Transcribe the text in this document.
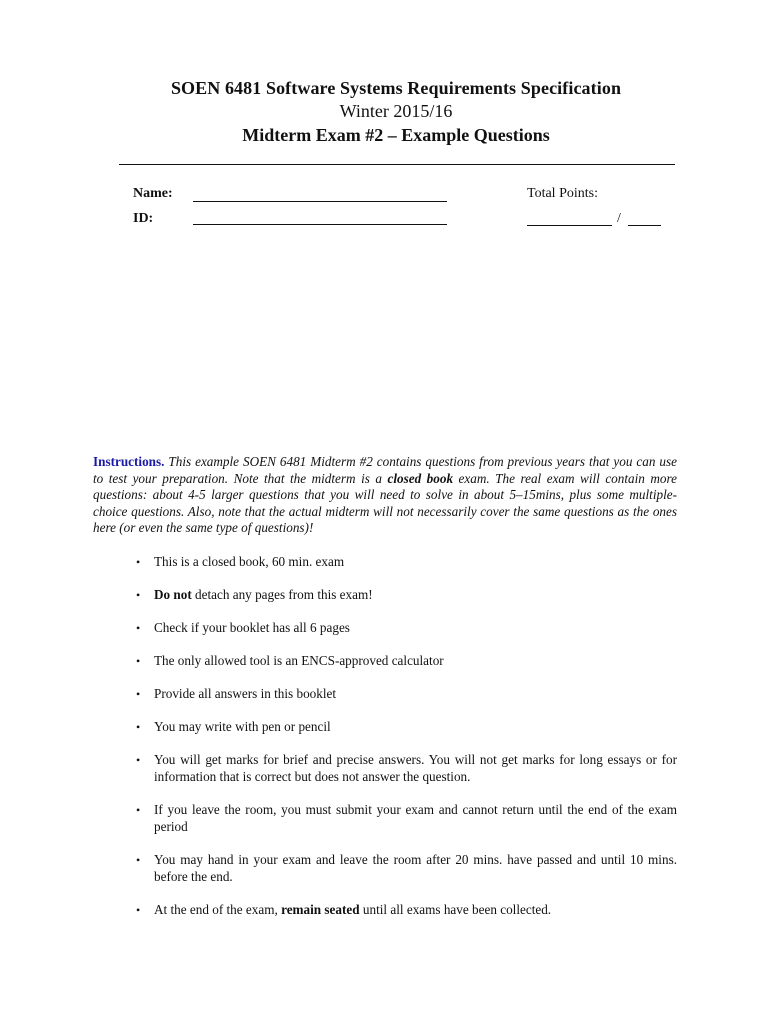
SOEN 6481 Software Systems Requirements Specification
Winter 2015/16
Midterm Exam #2 – Example Questions
Name:
ID:
Total Points:
/
Instructions. This example SOEN 6481 Midterm #2 contains questions from previous years that you can use to test your preparation. Note that the midterm is a closed book exam. The real exam will contain more questions: about 4-5 larger questions that you will need to solve in about 5–15mins, plus some multiple-choice questions. Also, note that the actual midterm will not necessarily cover the same questions as the ones here (or even the same type of questions)!
•	This is a closed book, 60 min. exam
•	Do not detach any pages from this exam!
•	Check if your booklet has all 6 pages
•	The only allowed tool is an ENCS-approved calculator
•	Provide all answers in this booklet
•	You may write with pen or pencil
•	You will get marks for brief and precise answers. You will not get marks for long essays or for information that is correct but does not answer the question.
•	If you leave the room, you must submit your exam and cannot return until the end of the exam period
•	You may hand in your exam and leave the room after 20 mins. have passed and until 10 mins. before the end.
•	At the end of the exam, remain seated until all exams have been collected.
